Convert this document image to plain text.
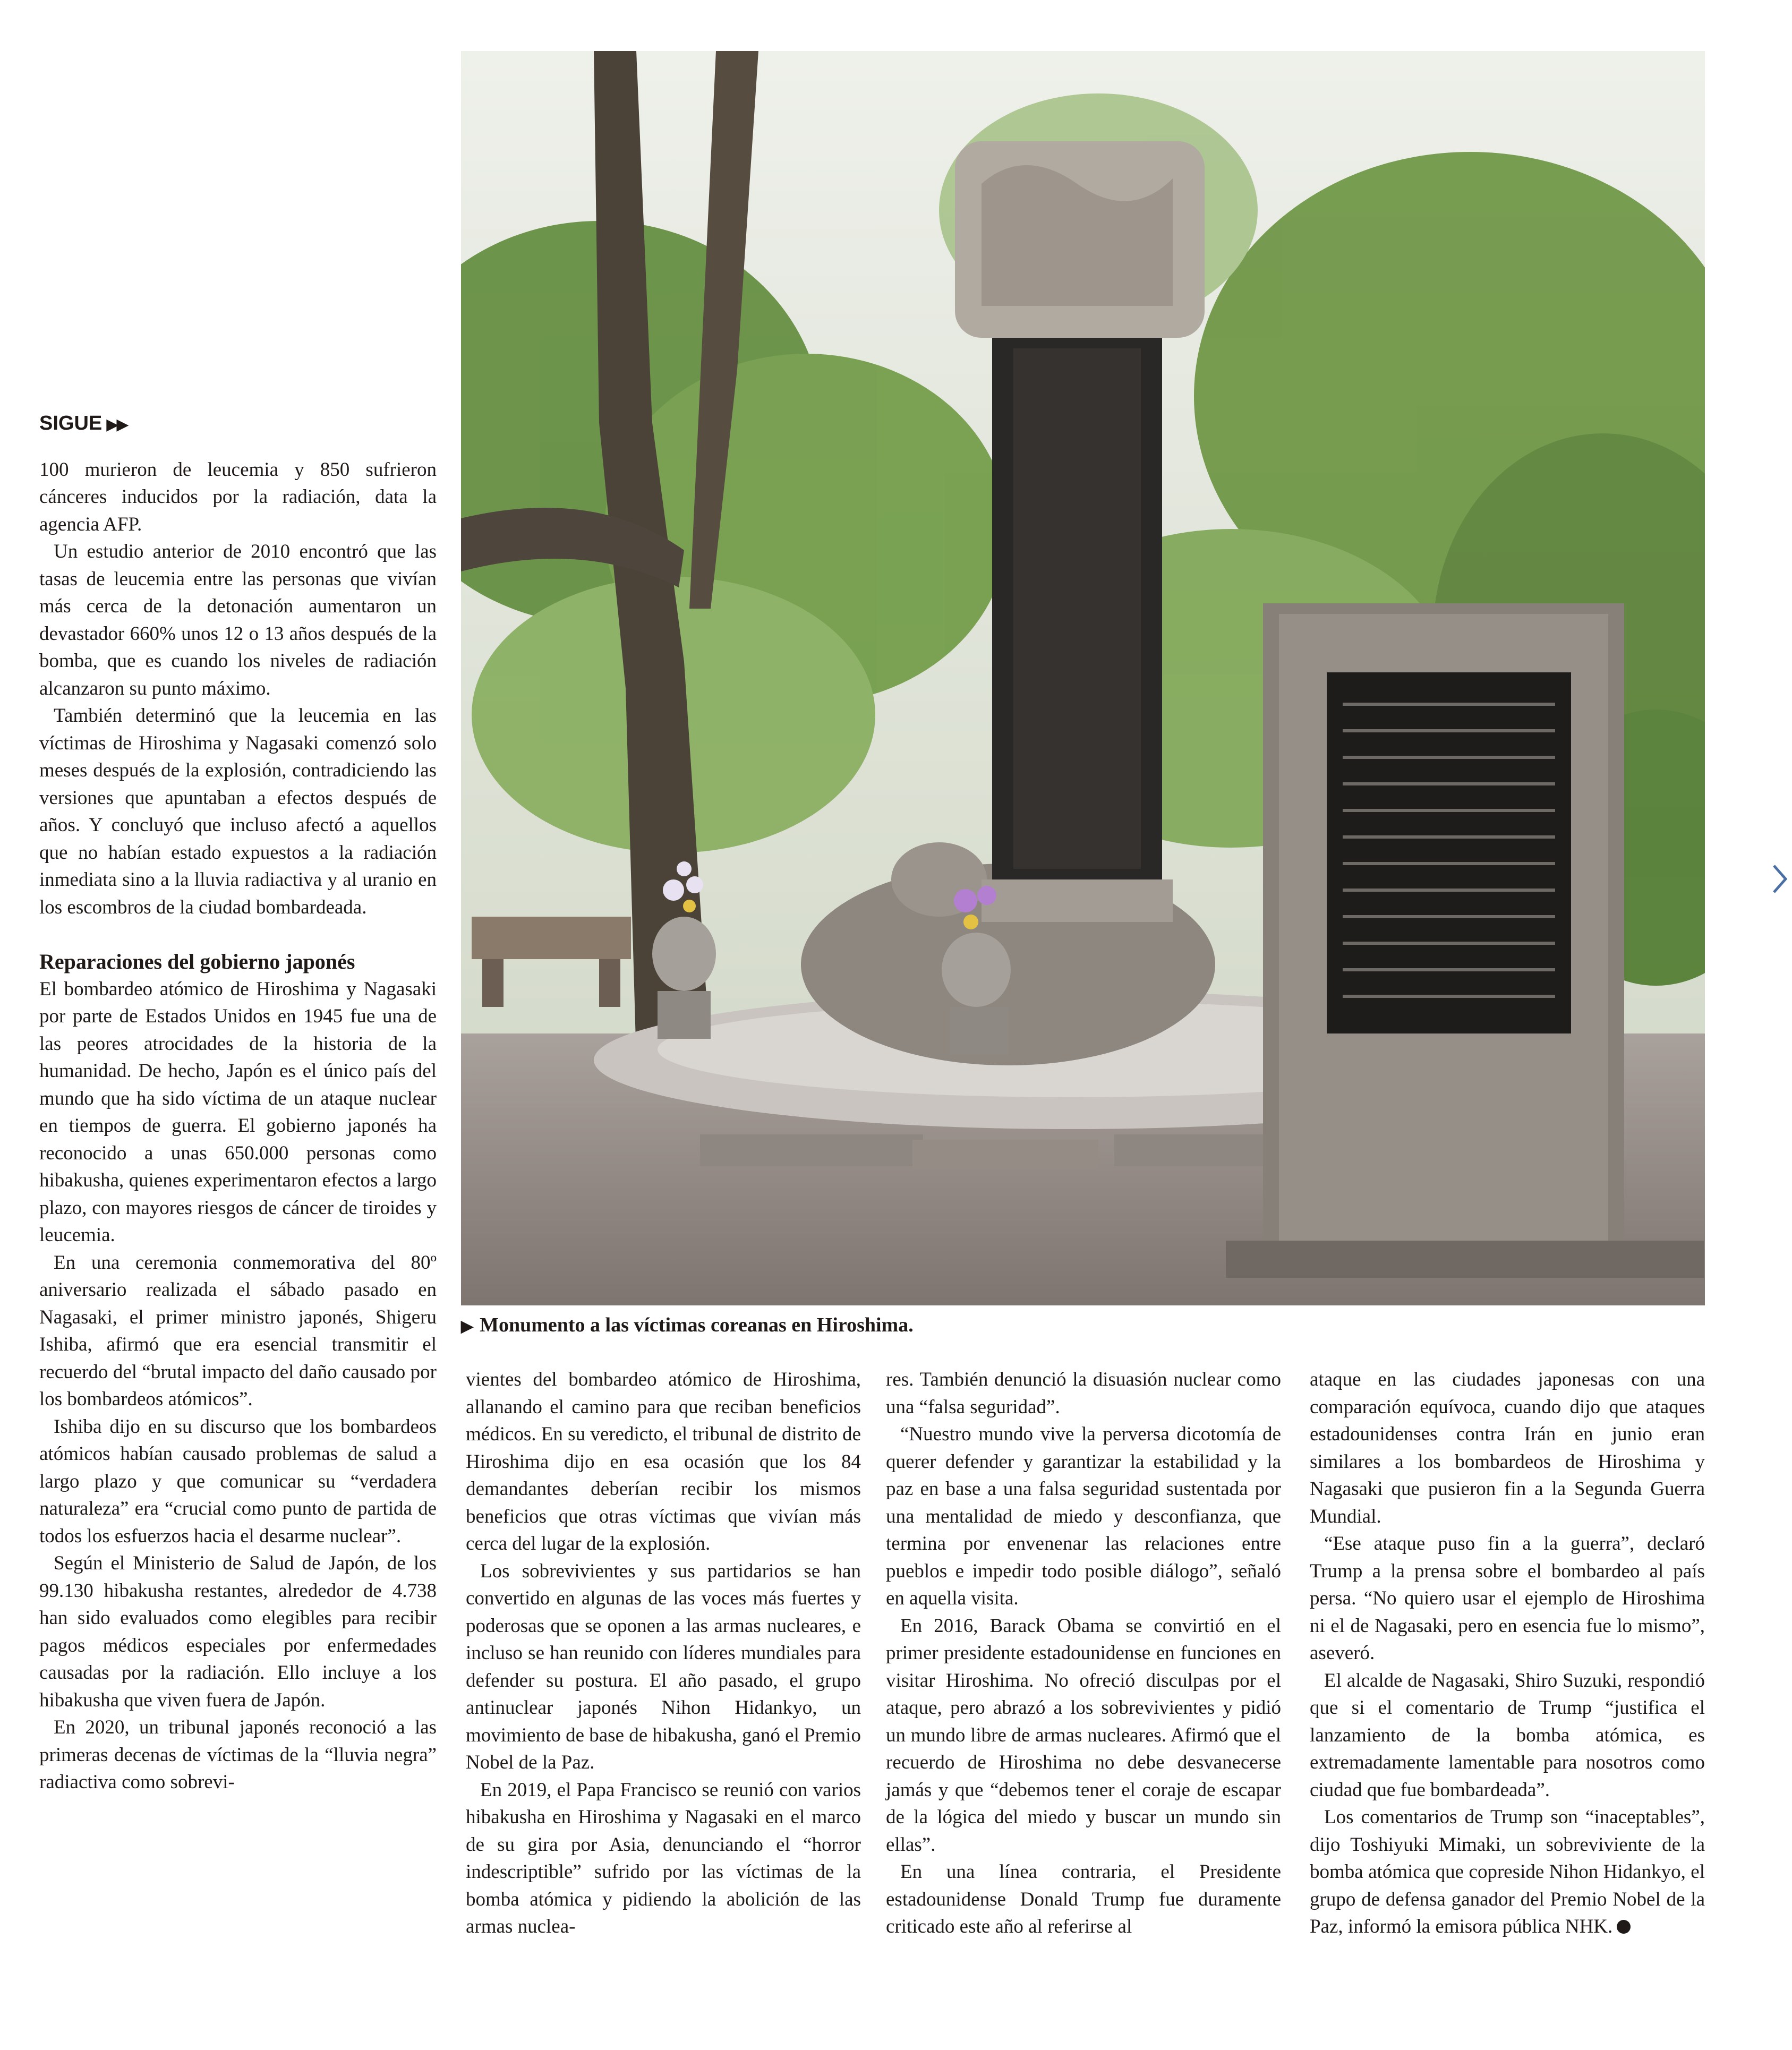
SIGUE ▶▶

100 murieron de leucemia y 850 sufrieron cánceres inducidos por la radiación, data la agencia AFP.

Un estudio anterior de 2010 encontró que las tasas de leucemia entre las personas que vivían más cerca de la detonación aumentaron un devastador 660% unos 12 o 13 años después de la bomba, que es cuando los niveles de radiación alcanzaron su punto máximo.

También determinó que la leucemia en las víctimas de Hiroshima y Nagasaki comenzó solo meses después de la explosión, contradiciendo las versiones que apuntaban a efectos después de años. Y concluyó que incluso afectó a aquellos que no habían estado expuestos a la radiación inmediata sino a la lluvia radiactiva y al uranio en los escombros de la ciudad bombardeada.

Reparaciones del gobierno japonés

El bombardeo atómico de Hiroshima y Nagasaki por parte de Estados Unidos en 1945 fue una de las peores atrocidades de la historia de la humanidad. De hecho, Japón es el único país del mundo que ha sido víctima de un ataque nuclear en tiempos de guerra. El gobierno japonés ha reconocido a unas 650.000 personas como hibakusha, quienes experimentaron efectos a largo plazo, con mayores riesgos de cáncer de tiroides y leucemia.

En una ceremonia conmemorativa del 80º aniversario realizada el sábado pasado en Nagasaki, el primer ministro japonés, Shigeru Ishiba, afirmó que era esencial transmitir el recuerdo del “brutal impacto del daño causado por los bombardeos atómicos”.

Ishiba dijo en su discurso que los bombardeos atómicos habían causado problemas de salud a largo plazo y que comunicar su “verdadera naturaleza” era “crucial como punto de partida de todos los esfuerzos hacia el desarme nuclear”.

Según el Ministerio de Salud de Japón, de los 99.130 hibakusha restantes, alrededor de 4.738 han sido evaluados como elegibles para recibir pagos médicos especiales por enfermedades causadas por la radiación. Ello incluye a los hibakusha que viven fuera de Japón.

En 2020, un tribunal japonés reconoció a las primeras decenas de víctimas de la “lluvia negra” radiactiva como sobrevi-

▶ Monumento a las víctimas coreanas en Hiroshima.

vientes del bombardeo atómico de Hiroshima, allanando el camino para que reciban beneficios médicos. En su veredicto, el tribunal de distrito de Hiroshima dijo en esa ocasión que los 84 demandantes deberían recibir los mismos beneficios que otras víctimas que vivían más cerca del lugar de la explosión.

Los sobrevivientes y sus partidarios se han convertido en algunas de las voces más fuertes y poderosas que se oponen a las armas nucleares, e incluso se han reunido con líderes mundiales para defender su postura. El año pasado, el grupo antinuclear japonés Nihon Hidankyo, un movimiento de base de hibakusha, ganó el Premio Nobel de la Paz.

En 2019, el Papa Francisco se reunió con varios hibakusha en Hiroshima y Nagasaki en el marco de su gira por Asia, denunciando el “horror indescriptible” sufrido por las víctimas de la bomba atómica y pidiendo la abolición de las armas nuclea-

res. También denunció la disuasión nuclear como una “falsa seguridad”.

“Nuestro mundo vive la perversa dicotomía de querer defender y garantizar la estabilidad y la paz en base a una falsa seguridad sustentada por una mentalidad de miedo y desconfianza, que termina por envenenar las relaciones entre pueblos e impedir todo posible diálogo”, señaló en aquella visita.

En 2016, Barack Obama se convirtió en el primer presidente estadounidense en funciones en visitar Hiroshima. No ofreció disculpas por el ataque, pero abrazó a los sobrevivientes y pidió un mundo libre de armas nucleares. Afirmó que el recuerdo de Hiroshima no debe desvanecerse jamás y que “debemos tener el coraje de escapar de la lógica del miedo y buscar un mundo sin ellas”.

En una línea contraria, el Presidente estadounidense Donald Trump fue duramente criticado este año al referirse al

ataque en las ciudades japonesas con una comparación equívoca, cuando dijo que ataques estadounidenses contra Irán en junio eran similares a los bombardeos de Hiroshima y Nagasaki que pusieron fin a la Segunda Guerra Mundial.

“Ese ataque puso fin a la guerra”, declaró Trump a la prensa sobre el bombardeo al país persa. “No quiero usar el ejemplo de Hiroshima ni el de Nagasaki, pero en esencia fue lo mismo”, aseveró.

El alcalde de Nagasaki, Shiro Suzuki, respondió que si el comentario de Trump “justifica el lanzamiento de la bomba atómica, es extremadamente lamentable para nosotros como ciudad que fue bombardeada”.

Los comentarios de Trump son “inaceptables”, dijo Toshiyuki Mimaki, un sobreviviente de la bomba atómica que copreside Nihon Hidankyo, el grupo de defensa ganador del Premio Nobel de la Paz, informó la emisora pública NHK.
